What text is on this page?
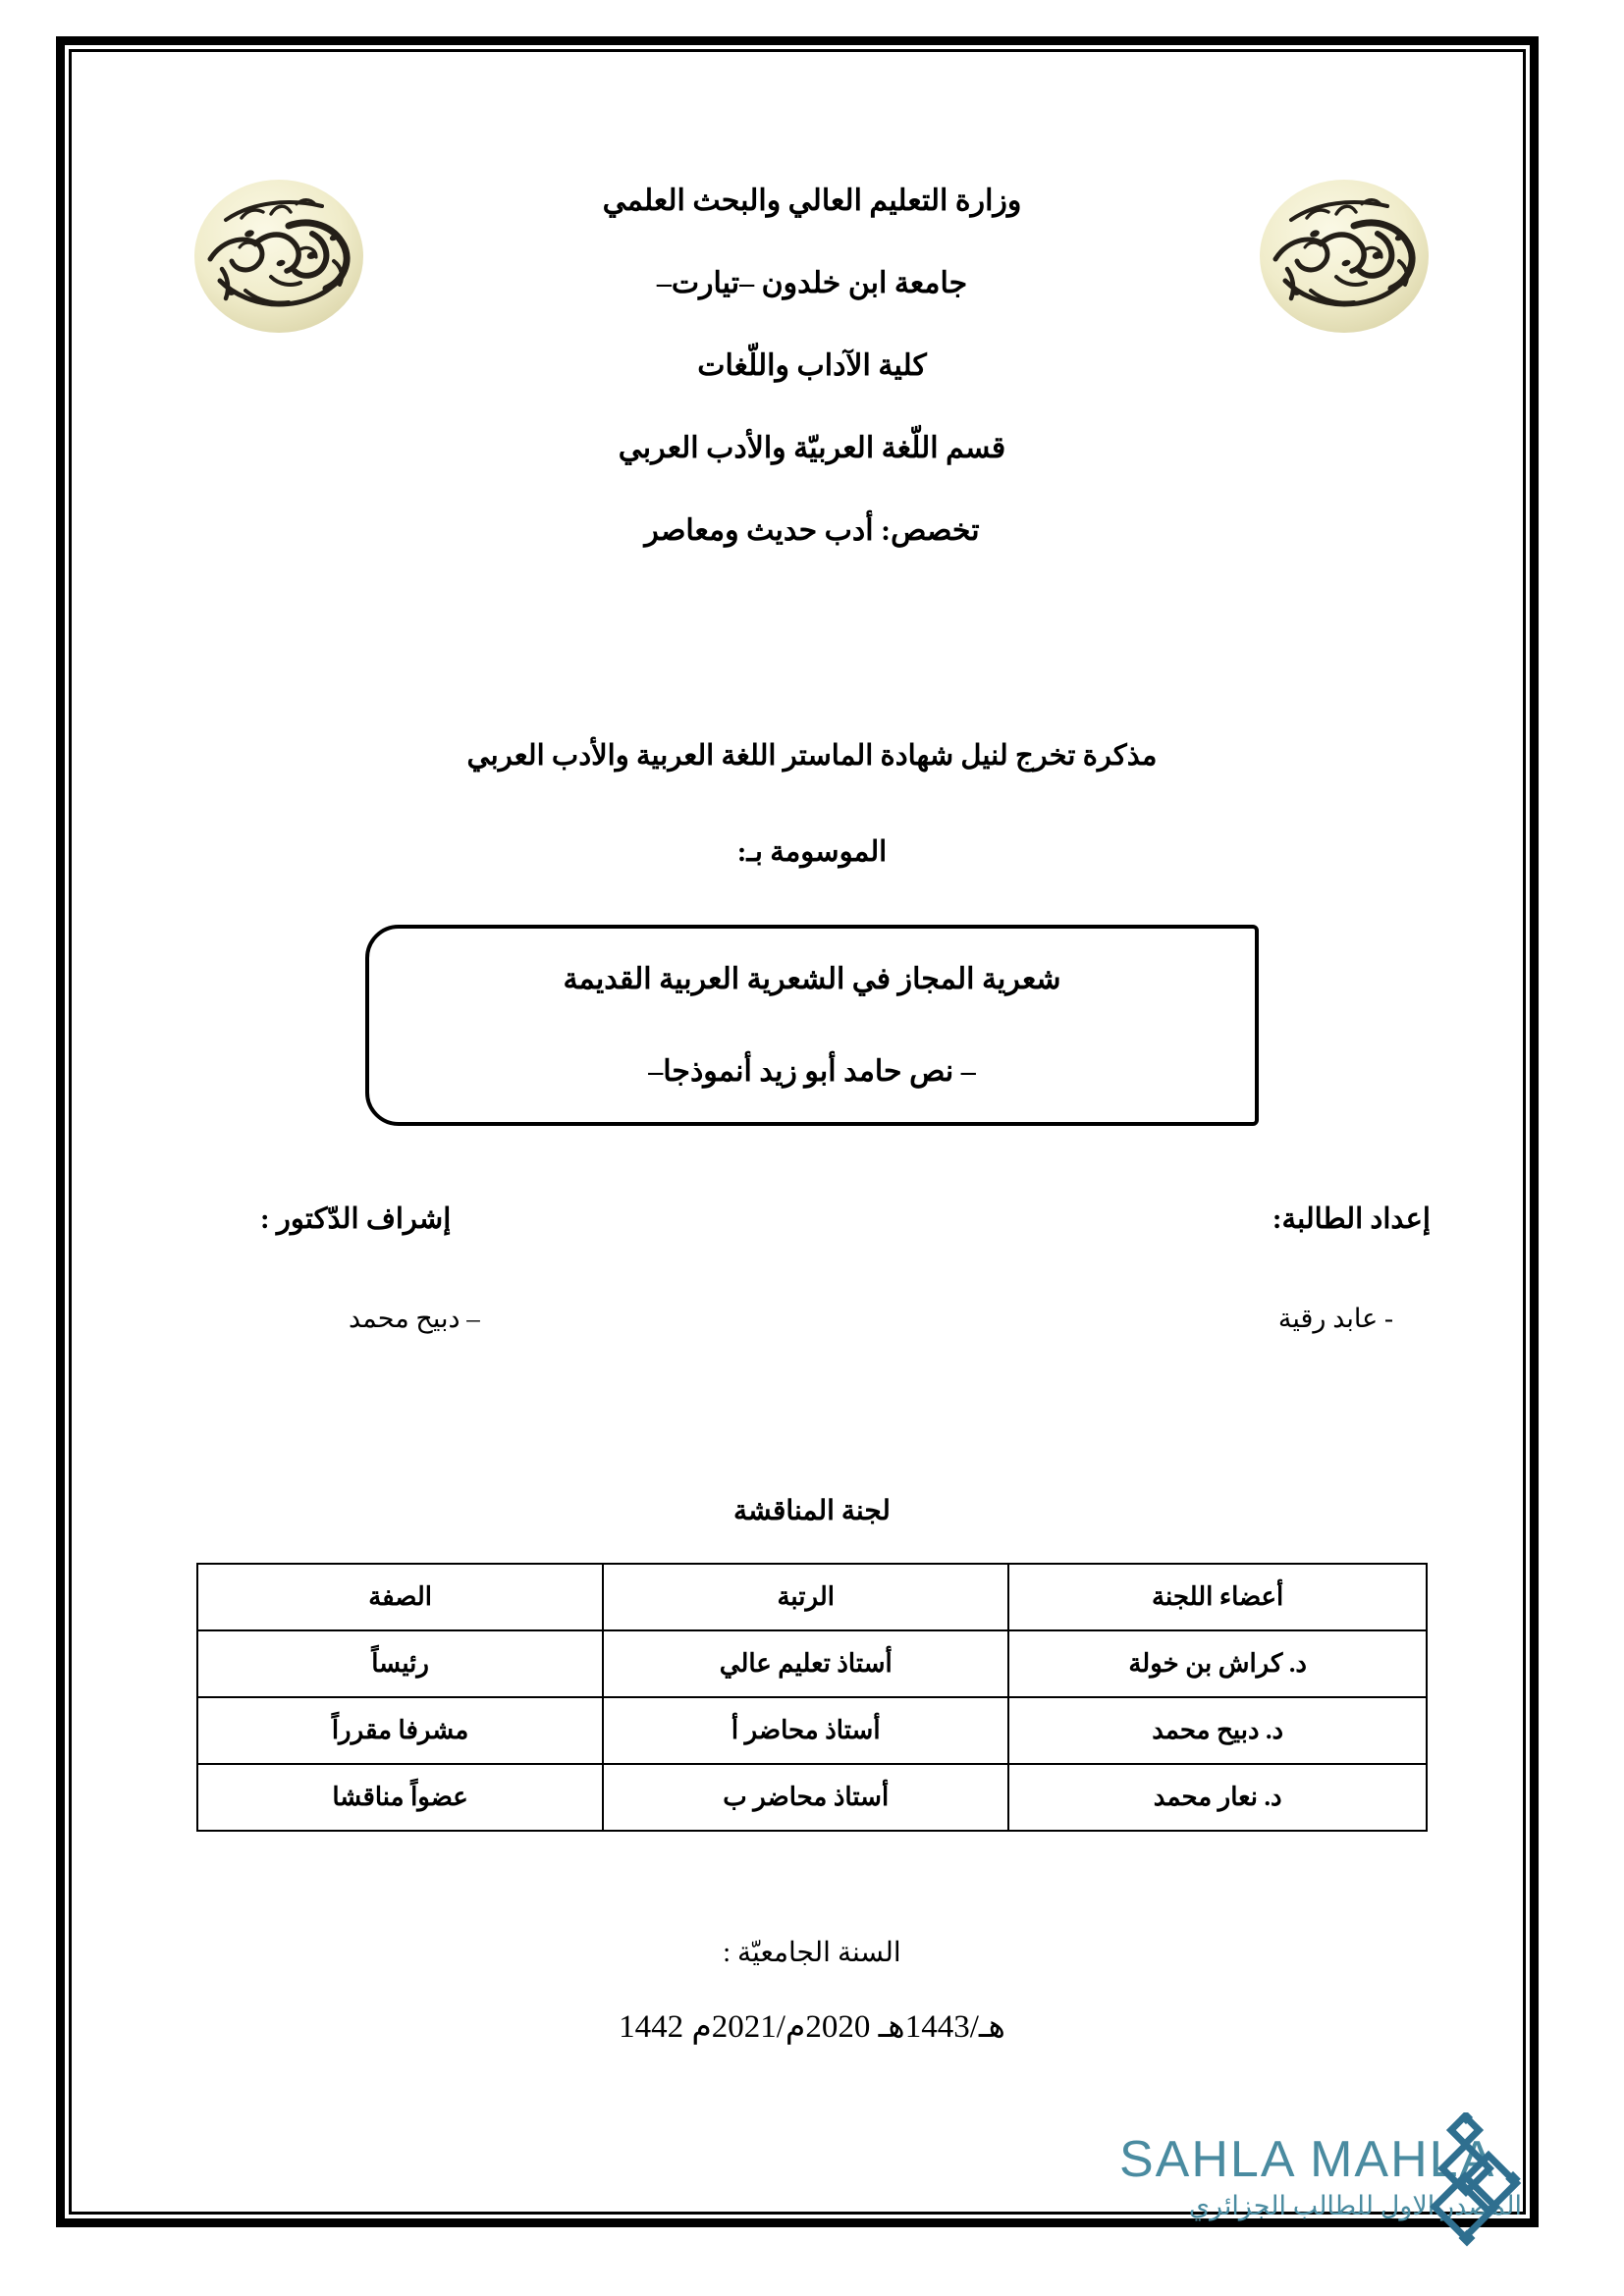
وزارة التعليم العالي والبحث العلمي
جامعة ابن خلدون –تيارت–
كلية الآداب واللّغات
قسم اللّغة العربيّة والأدب العربي
تخصص: أدب حديث ومعاصر
مذكرة تخرج لنيل شهادة الماستر اللغة العربية والأدب العربي
الموسومة بـ:
شعرية المجاز في الشعرية العربية القديمة
– نص حامد أبو زيد أنموذجا–
إعداد الطالبة:
إشراف الدّكتور :
- عابد رقية
– دبيح محمد
لجنة المناقشة
أعضاء اللجنة	الرتبة	الصفة
د. كراش بن خولة	أستاذ تعليم عالي	رئيساً
د. دبيح محمد	أستاذ محاضر أ	مشرفا مقرراً
د. نعار محمد	أستاذ محاضر ب	عضواً مناقشا
السنة الجامعيّة :
1442 هـ/1443هـ 2020م/2021م
SAHLA MAHLA
المصدر الاول للطالب الجزائري
